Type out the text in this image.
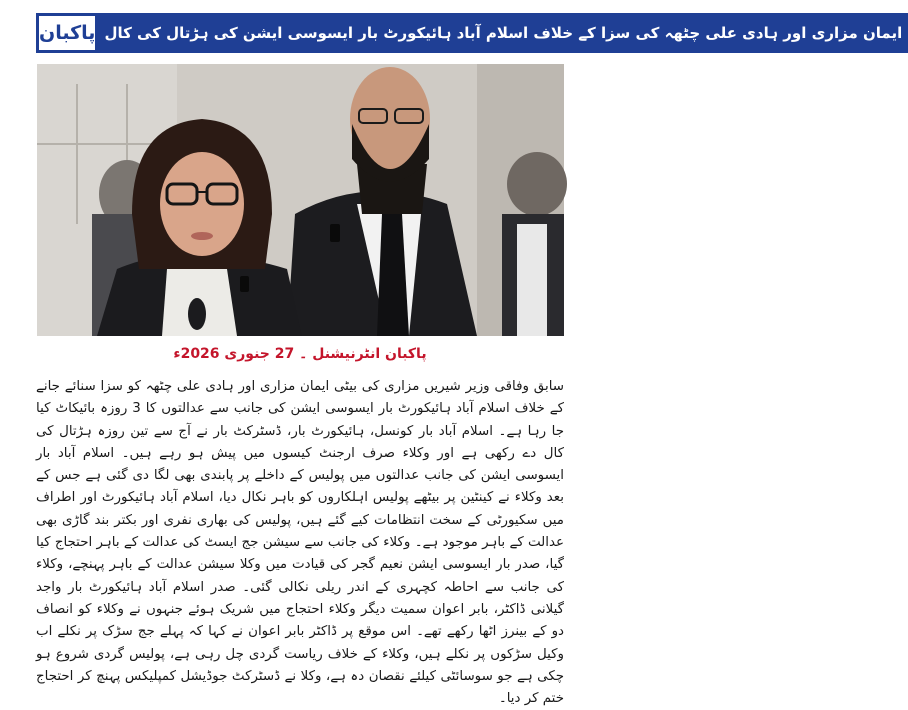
پاکبان ایمان مزاری اور ہادی علی چٹھہ کی سزا کے خلاف اسلام آباد ہائیکورٹ بار ایسوسی ایشن کی ہڑتال کی کال
پاکبان انٹرنیشنل ۔ 27 جنوری 2026ء

سابق وفاقی وزیر شیریں مزاری کی بیٹی ایمان مزاری اور ہادی علی چٹھہ کو سزا سنائے جانے کے خلاف اسلام آباد ہائیکورٹ بار ایسوسی ایشن کی جانب سے عدالتوں کا 3 روزہ بائیکاٹ کیا جا رہا ہے۔ اسلام آباد بار کونسل، ہائیکورٹ بار، ڈسٹرکٹ بار نے آج سے تین روزہ ہڑتال کی کال دے رکھی ہے اور وکلاء صرف ارجنٹ کیسوں میں پیش ہو رہے ہیں۔ اسلام آباد بار ایسوسی ایشن کی جانب عدالتوں میں پولیس کے داخلے پر پابندی بھی لگا دی گئی ہے جس کے بعد وکلاء نے کینٹین پر بیٹھے پولیس اہلکاروں کو باہر نکال دیا، اسلام آباد ہائیکورٹ اور اطراف میں سکیورٹی کے سخت انتظامات کیے گئے ہیں، پولیس کی بھاری نفری اور بکتر بند گاڑی بھی عدالت کے باہر موجود ہے۔ وکلاء کی جانب سے سیشن جج ایسٹ کی عدالت کے باہر احتجاج کیا گیا، صدر بار ایسوسی ایشن نعیم گجر کی قیادت میں وکلا سیشن عدالت کے باہر پہنچے، وکلاء کی جانب سے احاطہ کچہری کے اندر ریلی نکالی گئی۔ صدر اسلام آباد ہائیکورٹ بار واجد گیلانی ڈاکٹر، بابر اعوان سمیت دیگر وکلاء احتجاج میں شریک ہوئے جنہوں نے وکلاء کو انصاف دو کے بینرز اٹھا رکھے تھے۔ اس موقع پر ڈاکٹر بابر اعوان نے کہا کہ پہلے جج سڑک پر نکلے اب وکیل سڑکوں پر نکلے ہیں، وکلاء کے خلاف ریاست گردی چل رہی ہے، پولیس گردی شروع ہو چکی ہے جو سوسائٹی کیلئے نقصان دہ ہے، وکلا نے ڈسٹرکٹ جوڈیشل کمپلیکس پہنچ کر احتجاج ختم کر دیا۔
